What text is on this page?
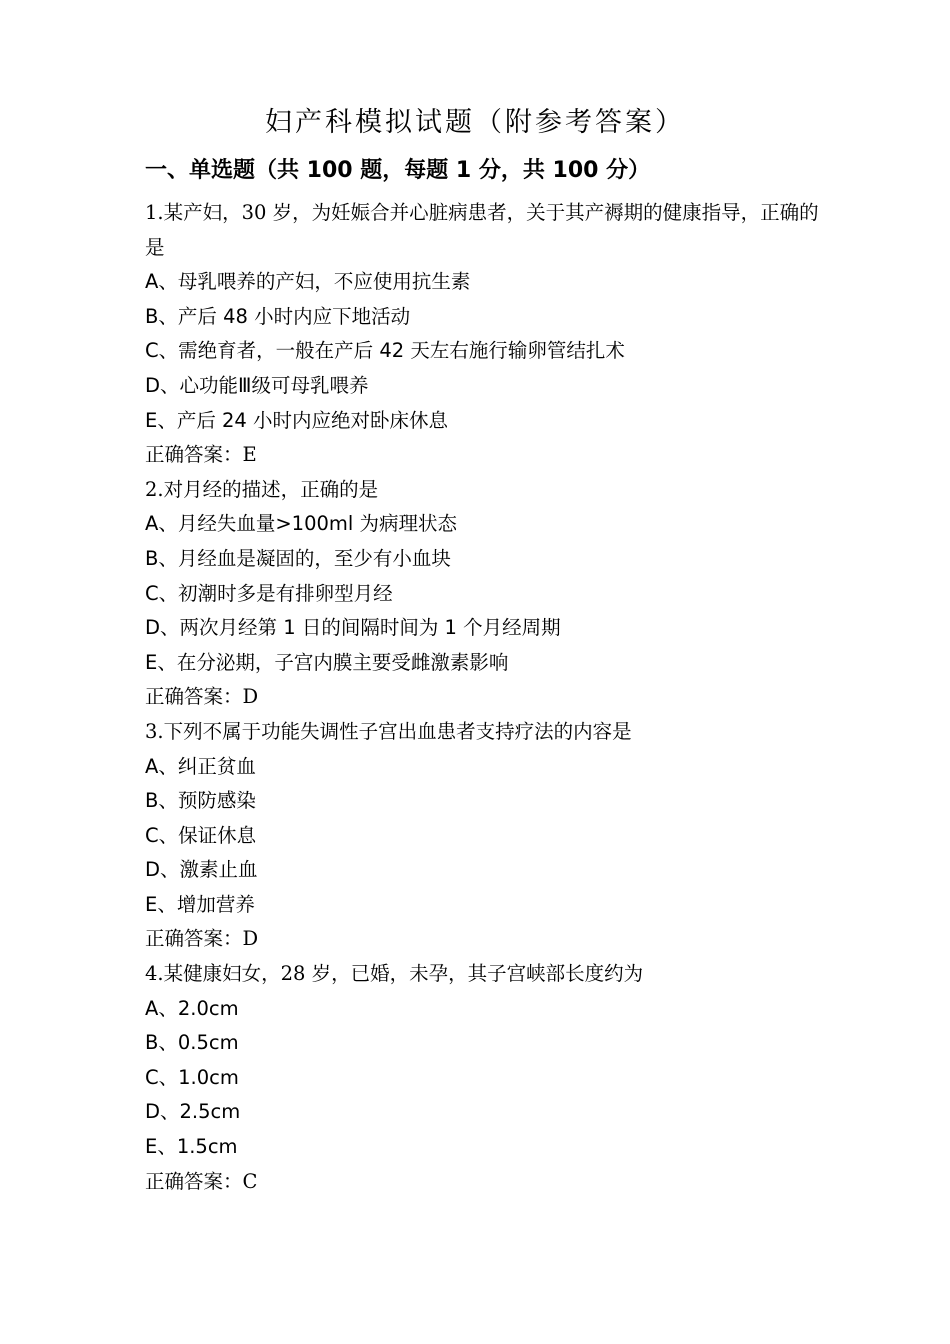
妇产科模拟试题（附参考答案）
一、单选题（共 100 题，每题 1 分，共 100 分）

1.某产妇，30 岁，为妊娠合并心脏病患者，关于其产褥期的健康指导，正确的是

A、母乳喂养的产妇，不应使用抗生素

B、产后 48 小时内应下地活动

C、需绝育者，一般在产后 42 天左右施行输卵管结扎术

D、心功能Ⅲ级可母乳喂养

E、产后 24 小时内应绝对卧床休息

正确答案：E

2.对月经的描述，正确的是

A、月经失血量>100ml 为病理状态

B、月经血是凝固的，至少有小血块

C、初潮时多是有排卵型月经

D、两次月经第 1 日的间隔时间为 1 个月经周期

E、在分泌期，子宫内膜主要受雌激素影响

正确答案：D

3.下列不属于功能失调性子宫出血患者支持疗法的内容是

A、纠正贫血

B、预防感染

C、保证休息

D、激素止血

E、增加营养

正确答案：D

4.某健康妇女，28 岁，已婚，未孕，其子宫峡部长度约为

A、2.0cm

B、0.5cm

C、1.0cm

D、2.5cm

E、1.5cm

正确答案：C
